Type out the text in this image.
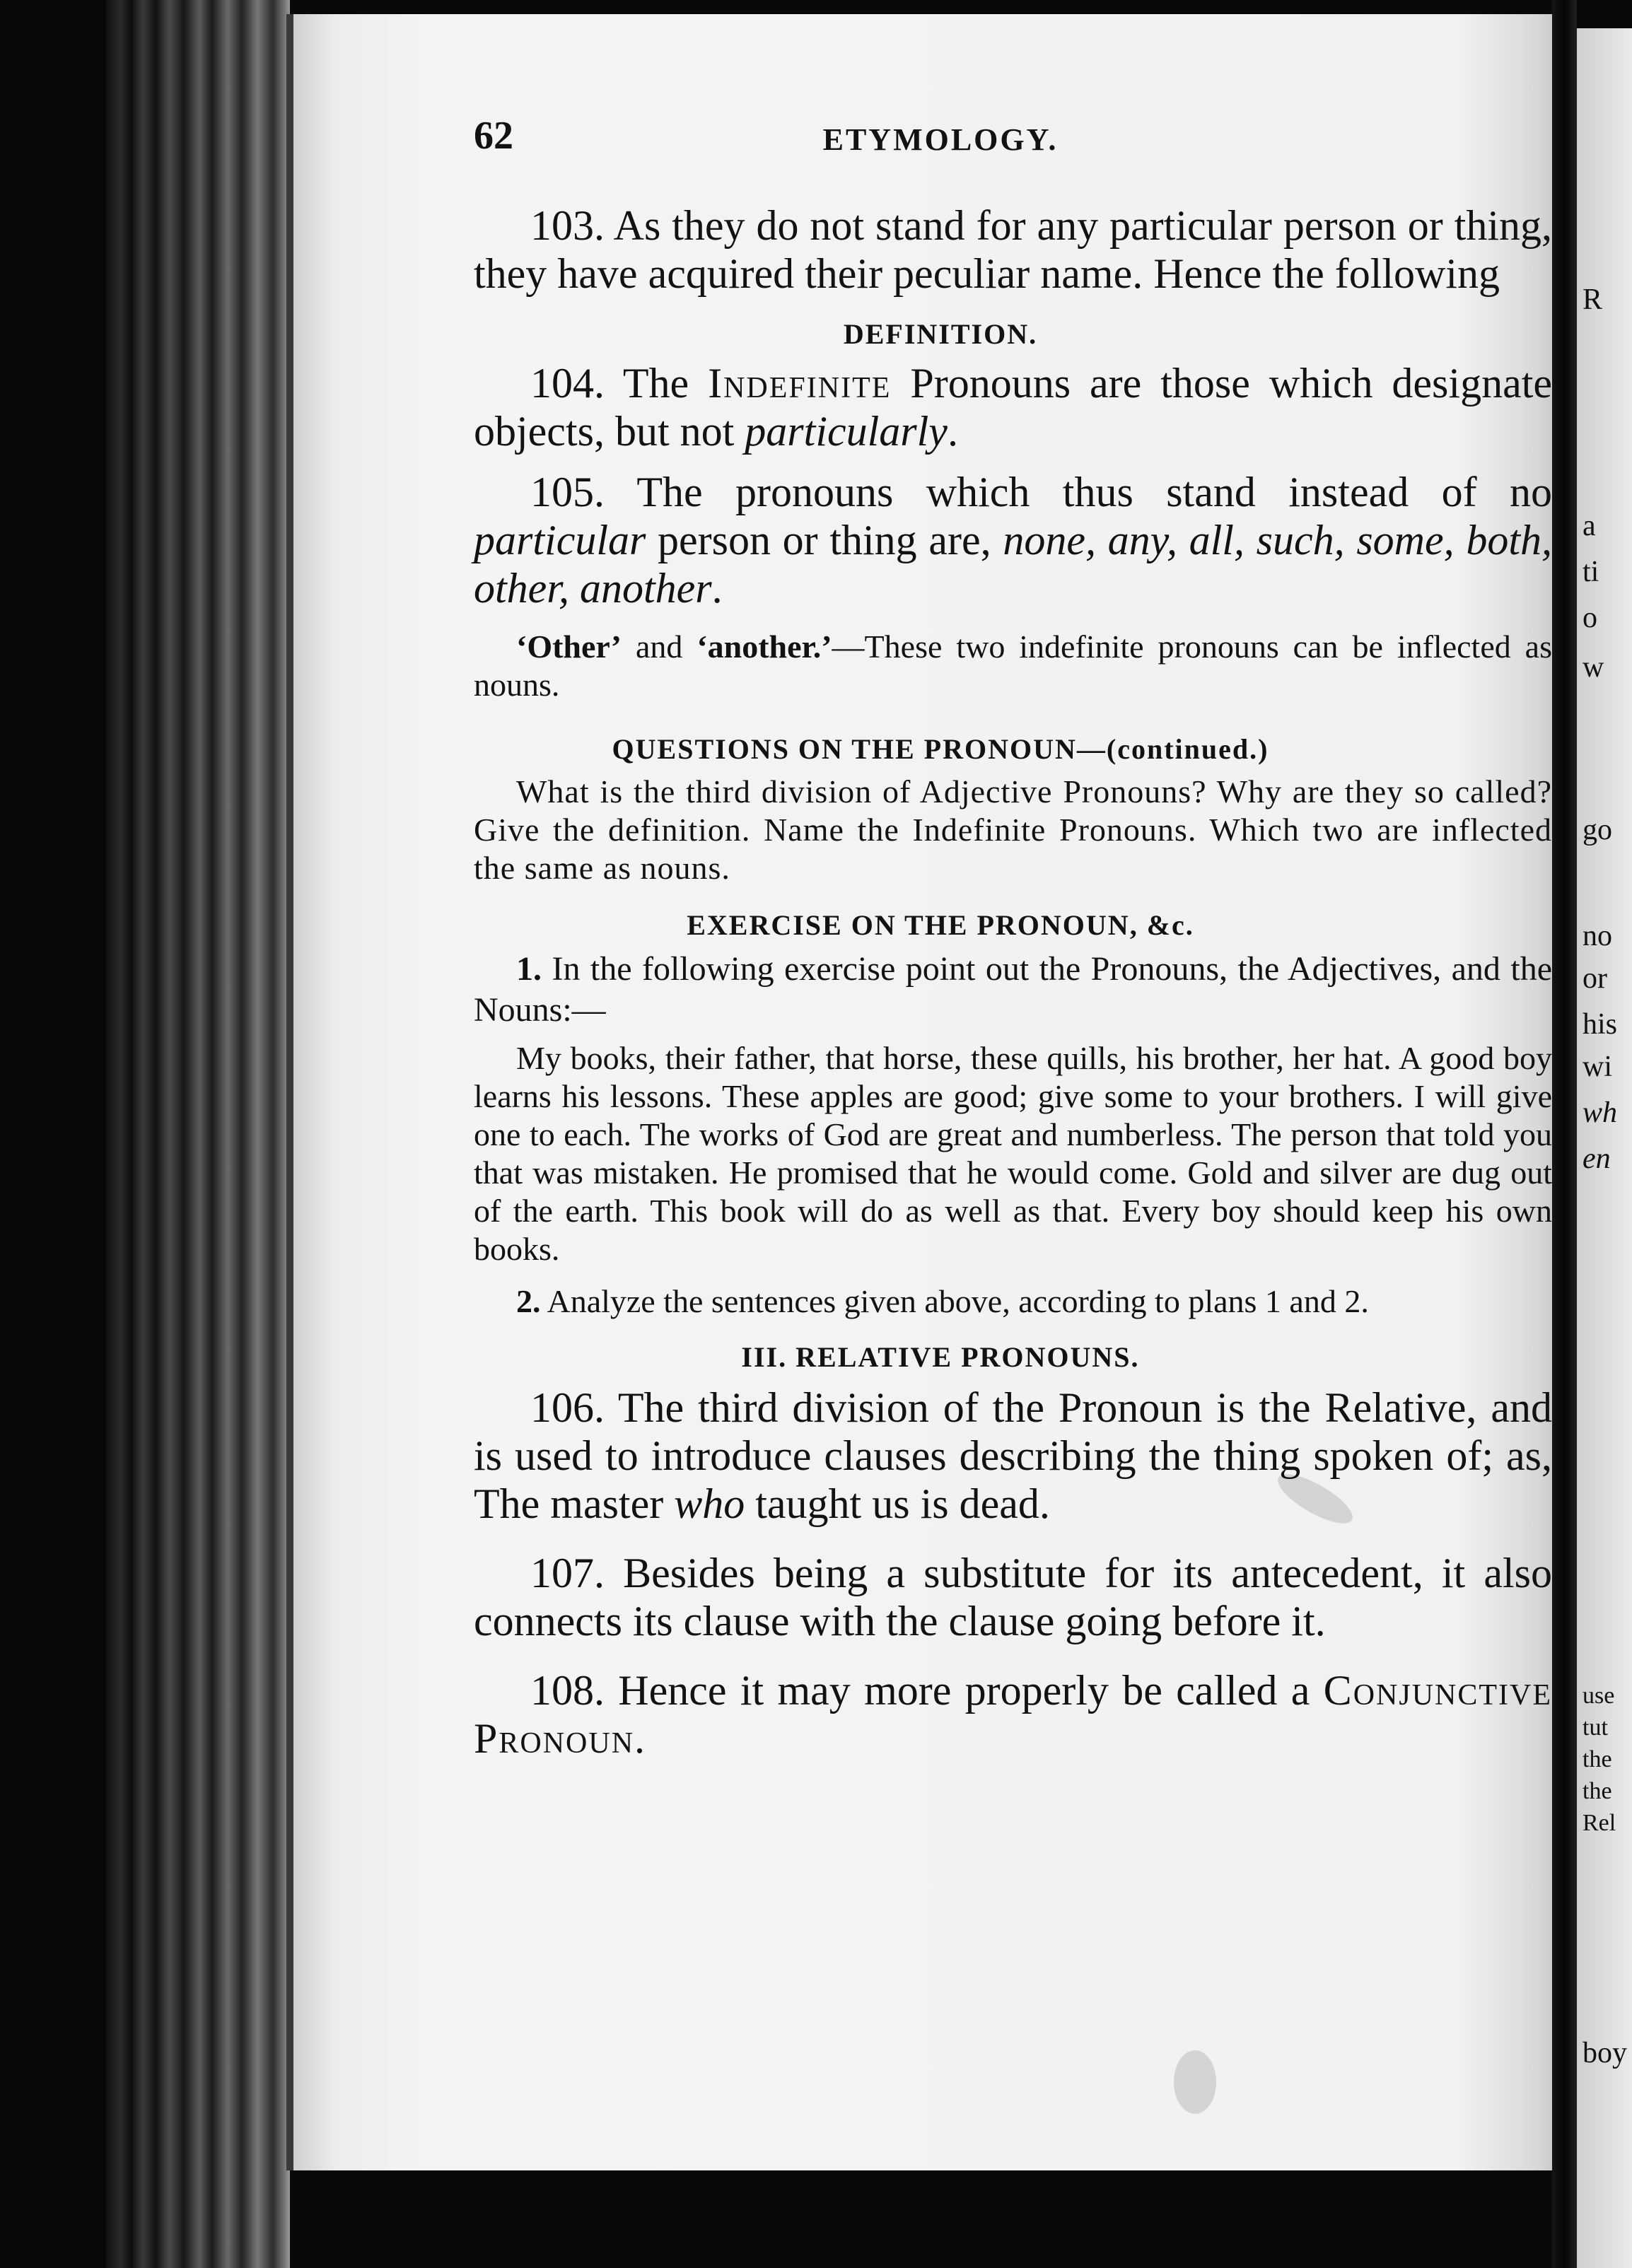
R
a
ti
o
w
go
no
or
his
wi
wh
en
use
tut
the
the
Rel
boy
62	ETYMOLOGY.

103. As they do not stand for any particular person or thing, they have acquired their peculiar name. Hence the following

DEFINITION.

104. The Indefinite Pronouns are those which designate objects, but not particularly.

105. The pronouns which thus stand instead of no particular person or thing are, none, any, all, such, some, both, other, another.

‘Other’ and ‘another.’—These two indefinite pronouns can be inflected as nouns.

QUESTIONS ON THE PRONOUN—(continued.)

What is the third division of Adjective Pronouns? Why are they so called? Give the definition. Name the Indefinite Pronouns. Which two are inflected the same as nouns.

EXERCISE ON THE PRONOUN, &c.

1. In the following exercise point out the Pronouns, the Adjectives, and the Nouns:—

My books, their father, that horse, these quills, his brother, her hat. A good boy learns his lessons. These apples are good; give some to your brothers. I will give one to each. The works of God are great and numberless. The person that told you that was mistaken. He promised that he would come. Gold and silver are dug out of the earth. This book will do as well as that. Every boy should keep his own books.

2. Analyze the sentences given above, according to plans 1 and 2.

III. RELATIVE PRONOUNS.

106. The third division of the Pronoun is the Relative, and is used to introduce clauses describing the thing spoken of; as, The master who taught us is dead.

107. Besides being a substitute for its antecedent, it also connects its clause with the clause going before it.

108. Hence it may more properly be called a Conjunctive Pronoun.
